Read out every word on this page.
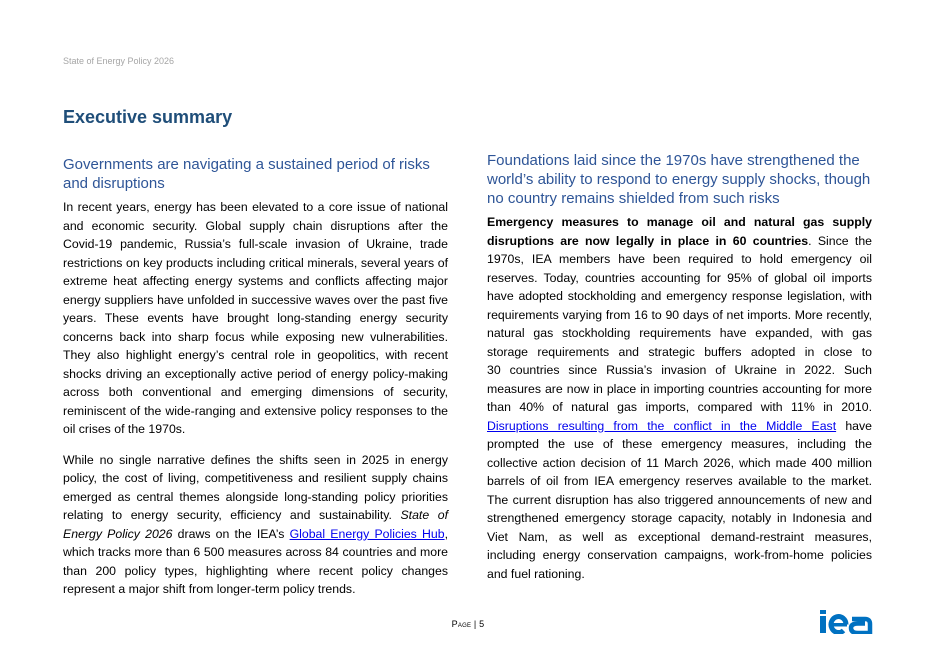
State of Energy Policy 2026
Executive summary
Governments are navigating a sustained period of risks and disruptions

In recent years, energy has been elevated to a core issue of national and economic security. Global supply chain disruptions after the Covid-19 pandemic, Russia’s full-scale invasion of Ukraine, trade restrictions on key products including critical minerals, several years of extreme heat affecting energy systems and conflicts affecting major energy suppliers have unfolded in successive waves over the past five years. These events have brought long-standing energy security concerns back into sharp focus while exposing new vulnerabilities. They also highlight energy’s central role in geopolitics, with recent shocks driving an exceptionally active period of energy policy-making across both conventional and emerging dimensions of security, reminiscent of the wide-ranging and extensive policy responses to the oil crises of the 1970s.

While no single narrative defines the shifts seen in 2025 in energy policy, the cost of living, competitiveness and resilient supply chains emerged as central themes alongside long-standing policy priorities relating to energy security, efficiency and sustainability. State of Energy Policy 2026 draws on the IEA’s Global Energy Policies Hub, which tracks more than 6 500 measures across 84 countries and more than 200 policy types, highlighting where recent policy changes represent a major shift from longer-term policy trends.

Foundations laid since the 1970s have strengthened the world’s ability to respond to energy supply shocks, though no country remains shielded from such risks

Emergency measures to manage oil and natural gas supply disruptions are now legally in place in 60 countries. Since the 1970s, IEA members have been required to hold emergency oil reserves. Today, countries accounting for 95% of global oil imports have adopted stockholding and emergency response legislation, with requirements varying from 16 to 90 days of net imports. More recently, natural gas stockholding requirements have expanded, with gas storage requirements and strategic buffers adopted in close to 30 countries since Russia’s invasion of Ukraine in 2022. Such measures are now in place in importing countries accounting for more than 40% of natural gas imports, compared with 11% in 2010. Disruptions resulting from the conflict in the Middle East have prompted the use of these emergency measures, including the collective action decision of 11 March 2026, which made 400 million barrels of oil from IEA emergency reserves available to the market. The current disruption has also triggered announcements of new and strengthened emergency storage capacity, notably in Indonesia and Viet Nam, as well as exceptional demand-restraint measures, including energy conservation campaigns, work-from-home policies and fuel rationing.

Page | 5
